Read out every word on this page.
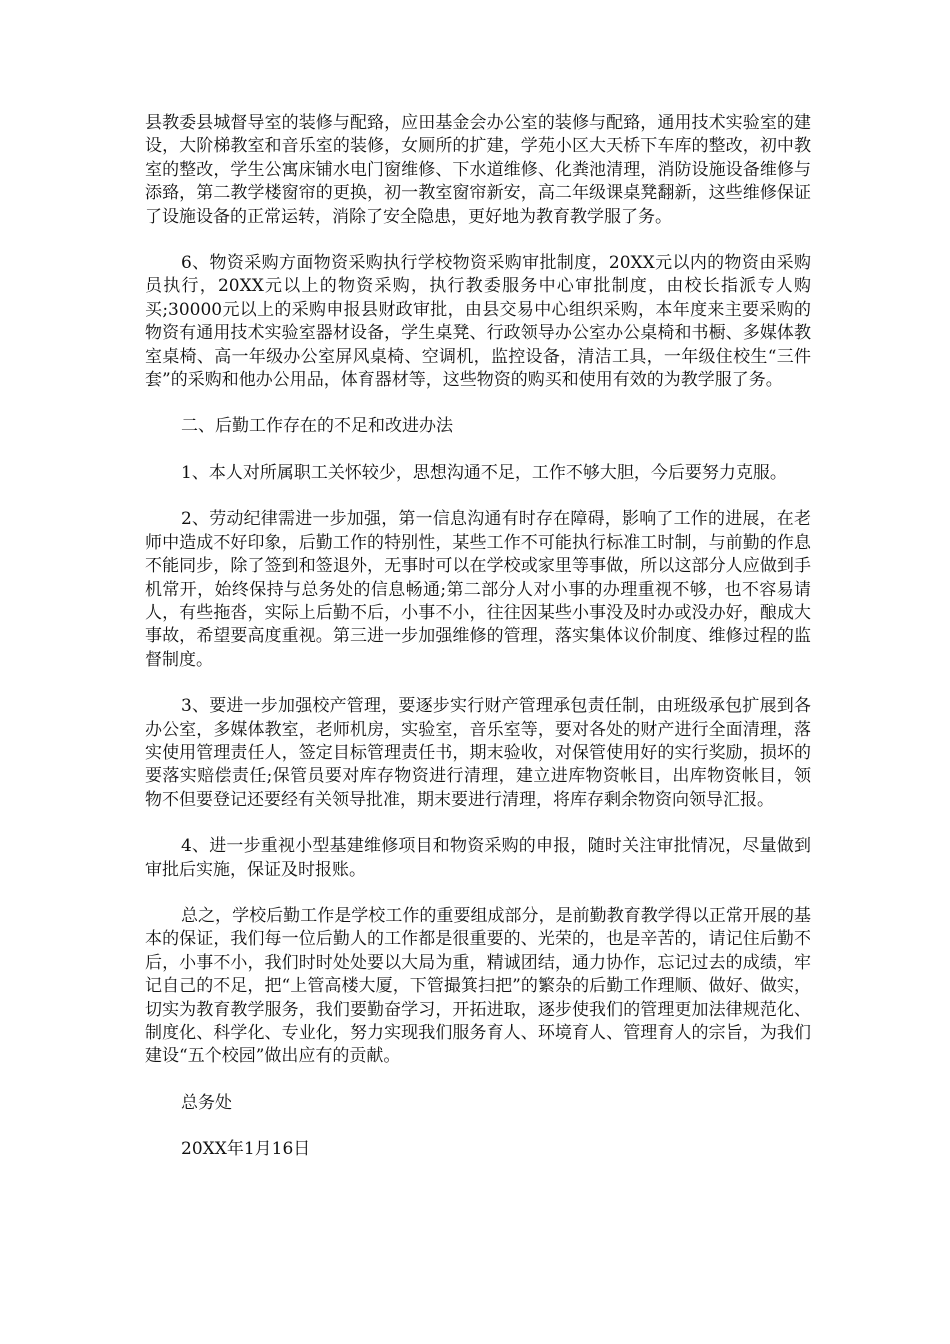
县教委县城督导室的装修与配臵，应田基金会办公室的装修与配臵，通用技术实验室的建设，大阶梯教室和音乐室的装修，女厕所的扩建，学苑小区大天桥下车库的整改，初中教室的整改，学生公寓床铺水电门窗维修、下水道维修、化粪池清理，消防设施设备维修与添臵，第二教学楼窗帘的更换，初一教室窗帘新安，高二年级课桌凳翻新，这些维修保证了设施设备的正常运转，消除了安全隐患，更好地为教育教学服了务。

6、物资采购方面物资采购执行学校物资采购审批制度，20XX元以内的物资由采购员执行，20XX元以上的物资采购，执行教委服务中心审批制度，由校长指派专人购买;30000元以上的采购申报县财政审批，由县交易中心组织采购，本年度来主要采购的物资有通用技术实验室器材设备，学生桌凳、行政领导办公室办公桌椅和书橱、多媒体教室桌椅、高一年级办公室屏风桌椅、空调机，监控设备，清洁工具，一年级住校生“三件套”的采购和他办公用品，体育器材等，这些物资的购买和使用有效的为教学服了务。

二、后勤工作存在的不足和改进办法

1、本人对所属职工关怀较少，思想沟通不足，工作不够大胆，今后要努力克服。

2、劳动纪律需进一步加强，第一信息沟通有时存在障碍，影响了工作的进展，在老师中造成不好印象，后勤工作的特别性，某些工作不可能执行标准工时制，与前勤的作息不能同步，除了签到和签退外，无事时可以在学校或家里等事做，所以这部分人应做到手机常开，始终保持与总务处的信息畅通;第二部分人对小事的办理重视不够，也不容易请人，有些拖沓，实际上后勤不后，小事不小，往往因某些小事没及时办或没办好，酿成大事故，希望要高度重视。第三进一步加强维修的管理，落实集体议价制度、维修过程的监督制度。

3、要进一步加强校产管理，要逐步实行财产管理承包责任制，由班级承包扩展到各办公室，多媒体教室，老师机房，实验室，音乐室等，要对各处的财产进行全面清理，落实使用管理责任人，签定目标管理责任书，期末验收，对保管使用好的实行奖励，损坏的要落实赔偿责任;保管员要对库存物资进行清理，建立进库物资帐目，出库物资帐目，领物不但要登记还要经有关领导批准，期末要进行清理，将库存剩余物资向领导汇报。

4、进一步重视小型基建维修项目和物资采购的申报，随时关注审批情况，尽量做到审批后实施，保证及时报账。

总之，学校后勤工作是学校工作的重要组成部分，是前勤教育教学得以正常开展的基本的保证，我们每一位后勤人的工作都是很重要的、光荣的，也是辛苦的，请记住后勤不后，小事不小，我们时时处处要以大局为重，精诚团结，通力协作，忘记过去的成绩，牢记自己的不足，把“上管高楼大厦，下管撮箕扫把”的繁杂的后勤工作理顺、做好、做实，切实为教育教学服务，我们要勤奋学习，开拓进取，逐步使我们的管理更加法律规范化、制度化、科学化、专业化，努力实现我们服务育人、环境育人、管理育人的宗旨，为我们建设“五个校园”做出应有的贡献。

总务处

20XX年1月16日
